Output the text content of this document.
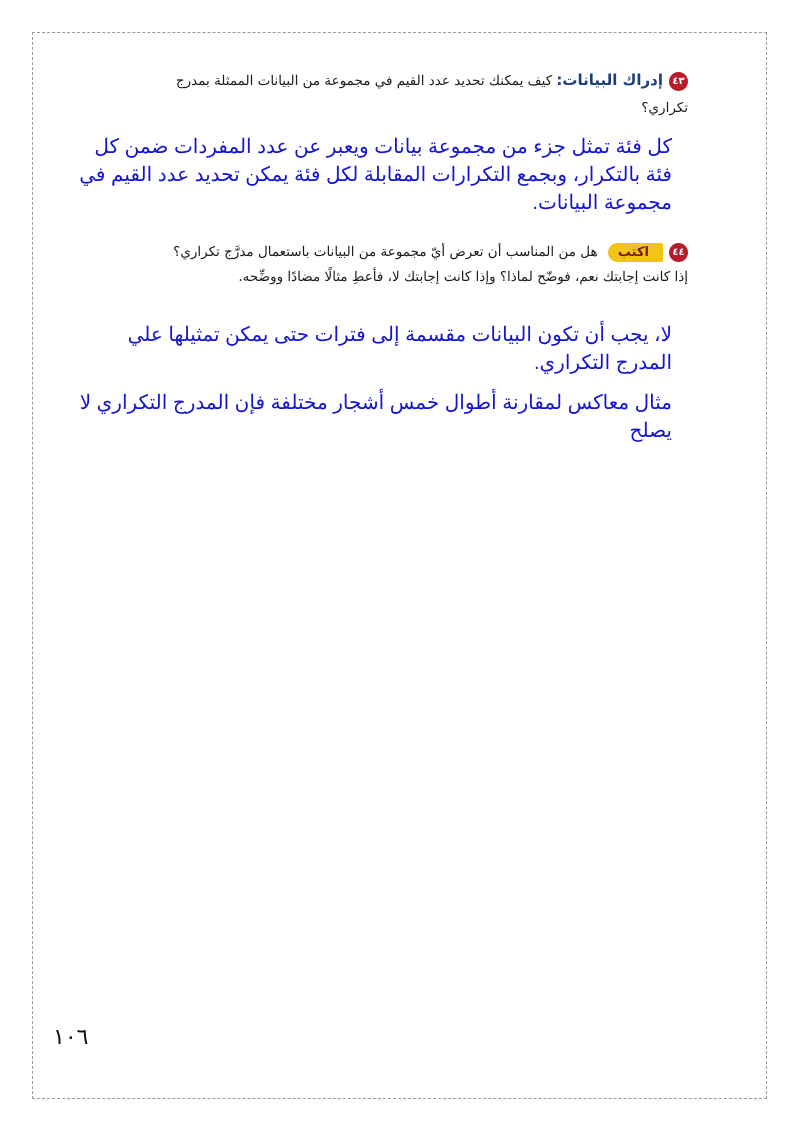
٤٣إدراك البيانات: كيف يمكنك تحديد عدد القيم في مجموعة من البيانات الممثلة بمدرج تكراري؟
كل فئة تمثل جزء من مجموعة بيانات ويعبر عن عدد المفردات ضمن كل فئة بالتكرار، وبجمع التكرارات المقابلة لكل فئة يمكن تحديد عدد القيم في مجموعة البيانات.
٤٤اكتب هل من المناسب أن تعرض أيّ مجموعة من البيانات باستعمال مدرَّج تكراري؟ إذا كانت إجابتك نعم، فوضّح لماذا؟ وإذا كانت إجابتك لا، فأعطِ مثالًا مضادًا ووضِّحه.
لا، يجب أن تكون البيانات مقسمة إلى فترات حتى يمكن تمثيلها علي المدرج التكراري.
مثال معاكس لمقارنة أطوال خمس أشجار مختلفة فإن المدرج التكراري لا يصلح
١٠٦
